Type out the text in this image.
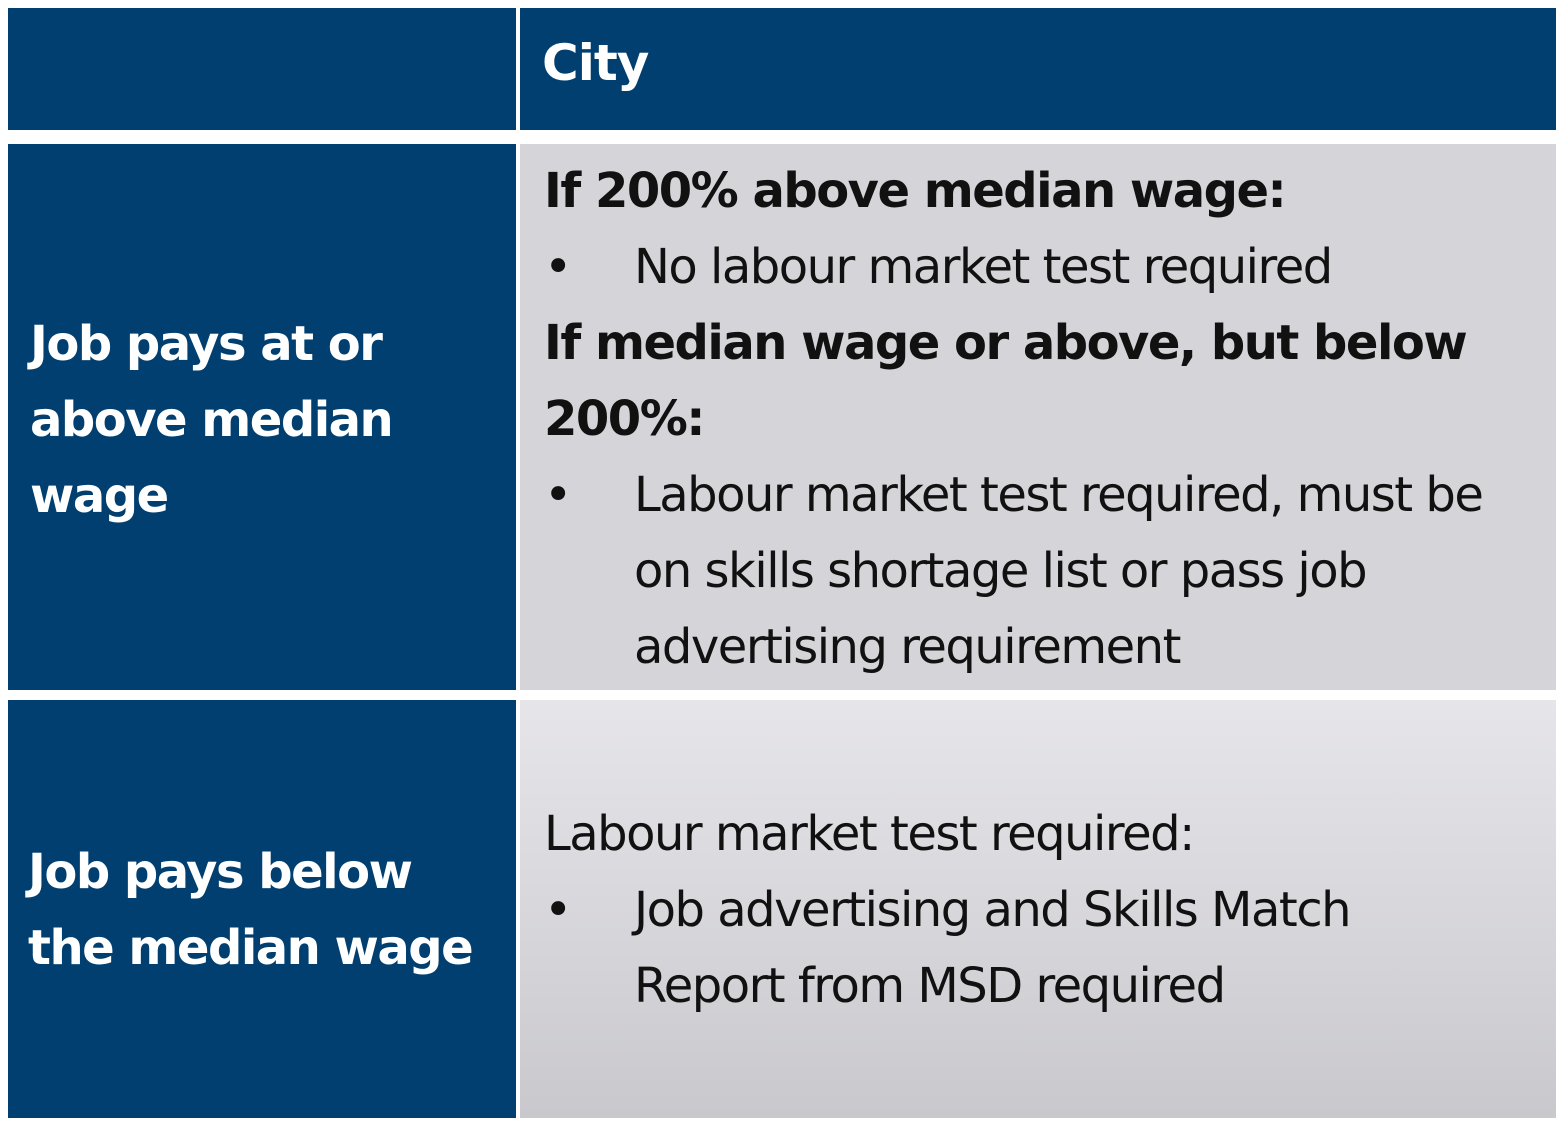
City
Job pays at or above median wage

If 200% above median wage:

• No labour market test required

If median wage or above, but below 200%:

• Labour market test required, must be on skills shortage list or pass job advertising requirement
Job pays below the median wage

Labour market test required:

• Job advertising and Skills Match Report from MSD required
